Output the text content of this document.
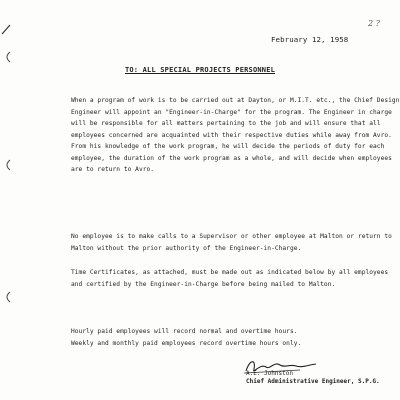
2 ?
February 12, 1958
TO: ALL SPECIAL PROJECTS PERSONNEL

When a program of work is to be carried out at Dayton, or M.I.T. etc., the Chief Design Engineer will appoint an "Engineer-in-Charge" for the program. The Engineer in charge will be responsible for all matters pertaining to the job and will ensure that all employees concerned are acquainted with their respective duties while away from Avro. From his knowledge of the work program, he will decide the periods of duty for each employee, the duration of the work program as a whole, and will decide when employees are to return to Avro.

No employee is to make calls to a Supervisor or other employee at Malton or return to Malton without the prior authority of the Engineer-in-Charge.

Time Certificates, as attached, must be made out as indicated below by all employees and certified by the Engineer-in-Charge before being mailed to Malton.

Hourly paid employees will record normal and overtime hours.

Weekly and monthly paid employees record overtime hours only.

A.E. Johnston
Chief Administrative Engineer, S.P.G.
